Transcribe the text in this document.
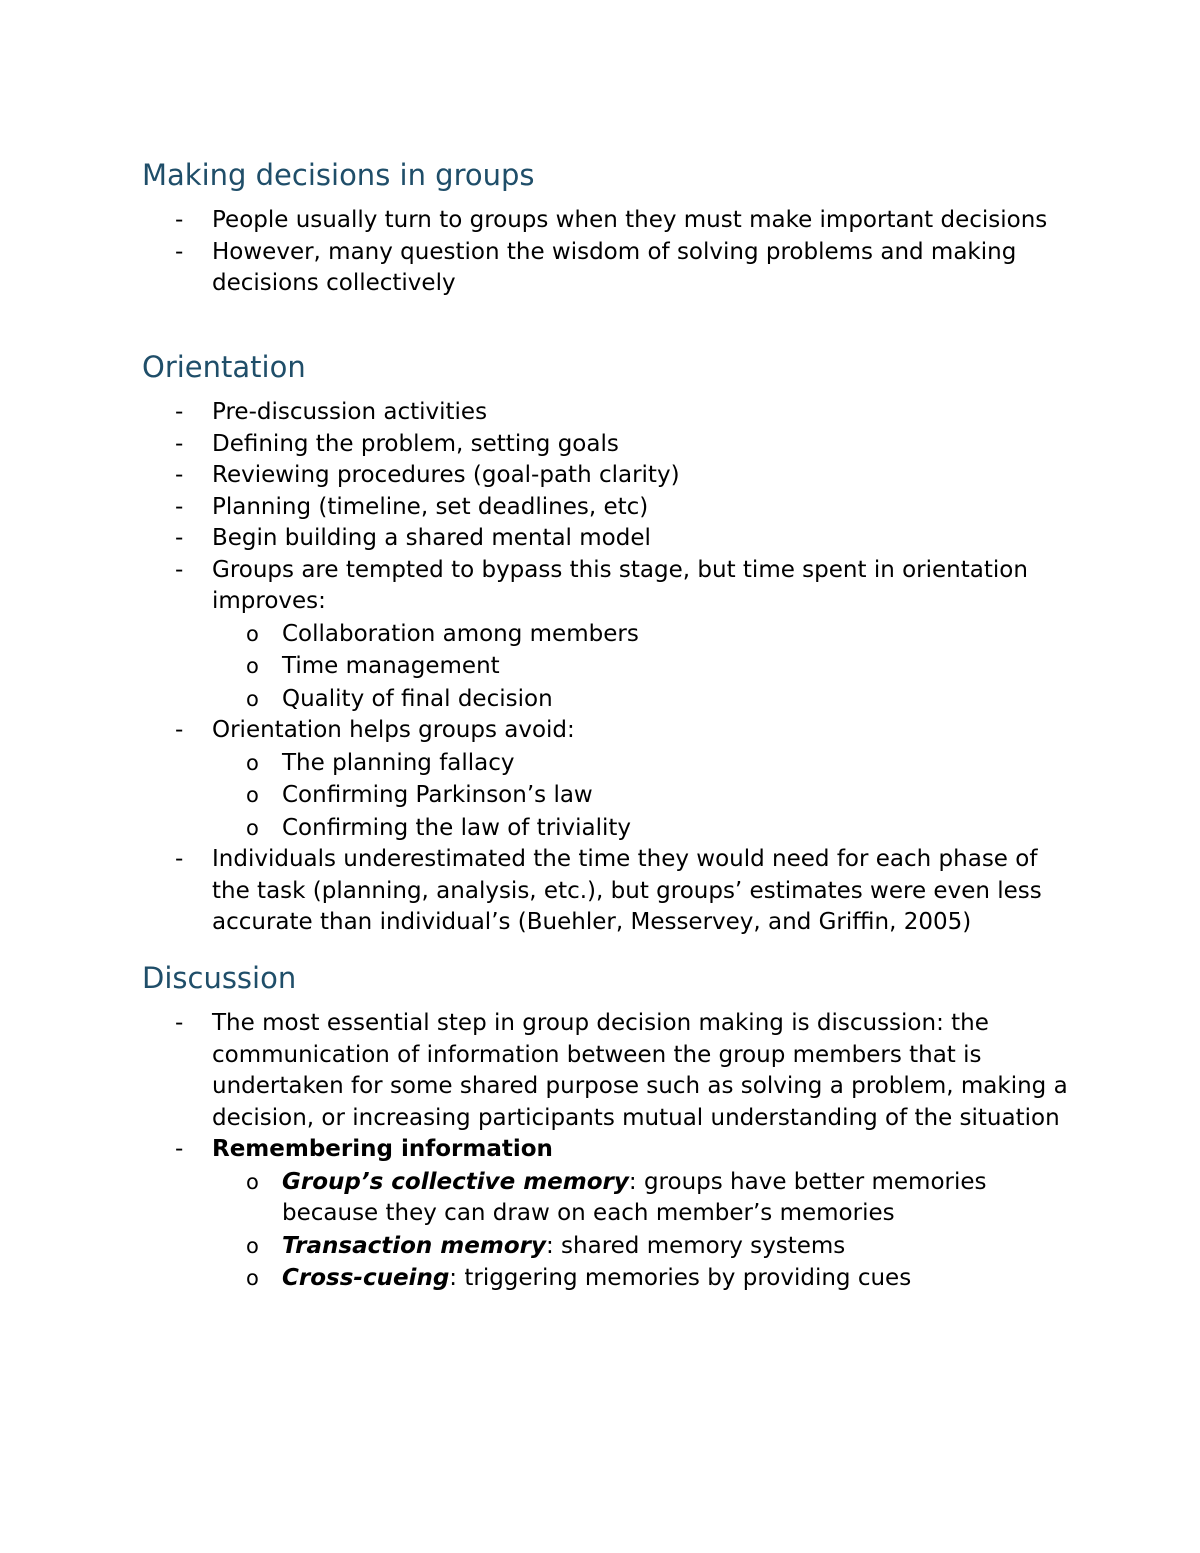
Making decisions in groups
- People usually turn to groups when they must make important decisions
- However, many question the wisdom of solving problems and making decisions collectively
Orientation
- Pre-discussion activities
- Defining the problem, setting goals
- Reviewing procedures (goal-path clarity)
- Planning (timeline, set deadlines, etc)
- Begin building a shared mental model
- Groups are tempted to bypass this stage, but time spent in orientation improves:
o Collaboration among members
o Time management
o Quality of final decision
- Orientation helps groups avoid:
o The planning fallacy
o Confirming Parkinson’s law
o Confirming the law of triviality
- Individuals underestimated the time they would need for each phase of the task (planning, analysis, etc.), but groups’ estimates were even less accurate than individual’s (Buehler, Messervey, and Griffin, 2005)
Discussion
- The most essential step in group decision making is discussion: the communication of information between the group members that is undertaken for some shared purpose such as solving a problem, making a decision, or increasing participants mutual understanding of the situation
- Remembering information
o Group’s collective memory: groups have better memories because they can draw on each member’s memories
o Transaction memory: shared memory systems
o Cross-cueing: triggering memories by providing cues
